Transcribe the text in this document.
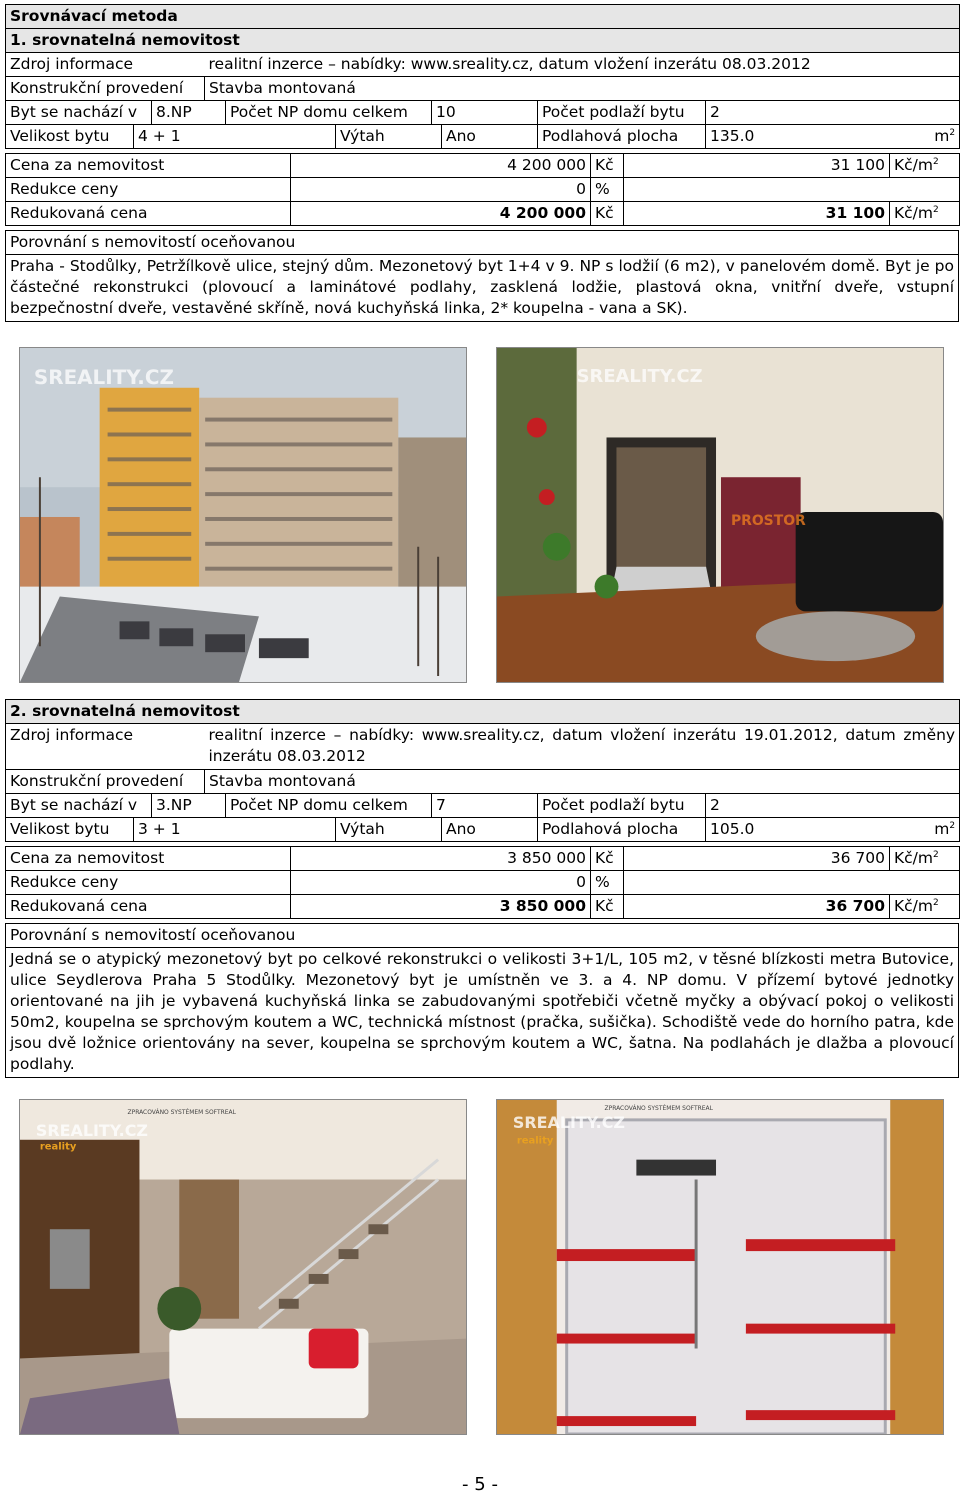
Srovnávací metoda										
1. srovnatelná nemovitost										
Zdroj informace			realitní inzerce – nabídky: www.sreality.cz, datum vložení inzerátu 08.03.2012							
Konstrukční provedení			Stavba montovaná							
Byt se nachází v		8.NP		Počet NP domu celkem		10		Počet podlaží bytu	2	
Velikost bytu	4 + 1				Výtah		Ano	Podlahová plocha	135.0	$m^2$
Cena za nemovitost	4 200 000	Kč	31 100	$Kč/m^2$
Redukce ceny	0	%		
Redukovaná cena	4 200 000	Kč	31 100	$Kč/m^2$
Porovnání s nemovitostí oceňovanou
Praha - Stodůlky, Petržílkově ulice, stejný dům. Mezonetový byt 1+4 v 9. NP s lodžií (6 m2), v panelovém domě. Byt je po částečné rekonstrukci (plovoucí a laminátové podlahy, zasklená lodžie, plastová okna, vnitřní dveře, vstupní bezpečnostní dveře, vestavěné skříně, nová kuchyňská linka, 2* koupelna - vana a SK).
SREALITY.CZ	SREALITY.CZ
PROSTOR
2. srovnatelná nemovitost										
Zdroj informace			realitní inzerce – nabídky: www.sreality.cz, datum vložení inzerátu 19.01.2012, datum změny inzerátu 08.03.2012							
Konstrukční provedení			Stavba montovaná							
Byt se nachází v		3.NP		Počet NP domu celkem		7		Počet podlaží bytu	2	
Velikost bytu	3 + 1				Výtah		Ano	Podlahová plocha	105.0	$m^2$
Cena za nemovitost	3 850 000	Kč	36 700	$Kč/m^2$
Redukce ceny	0	%		
Redukovaná cena	3 850 000	Kč	36 700	$Kč/m^2$
Porovnání s nemovitostí oceňovanou
Jedná se o atypický mezonetový byt po celkové rekonstrukci o velikosti 3+1/L, 105 m2, v těsné blízkosti metra Butovice, ulice Seydlerova Praha 5 Stodůlky. Mezonetový byt je umístněn ve 3. a 4. NP domu. V přízemí bytové jednotky orientované na jih je vybavená kuchyňská linka se zabudovanými spotřebiči včetně myčky a obývací pokoj o velikosti 50m2, koupelna se sprchovým koutem a WC, technická místnost (pračka, sušička). Schodiště vede do horního patra, kde jsou dvě ložnice orientovány na sever, koupelna se sprchovým koutem a WC, šatna. Na podlahách je dlažba a plovoucí podlahy.
SREALITY.CZ
ZPRACOVÁNO SYSTÉMEM SOFTREAL
reality
SREALITY.CZ
ZPRACOVÁNO SYSTÉMEM SOFTREAL
reality
- 5 -
